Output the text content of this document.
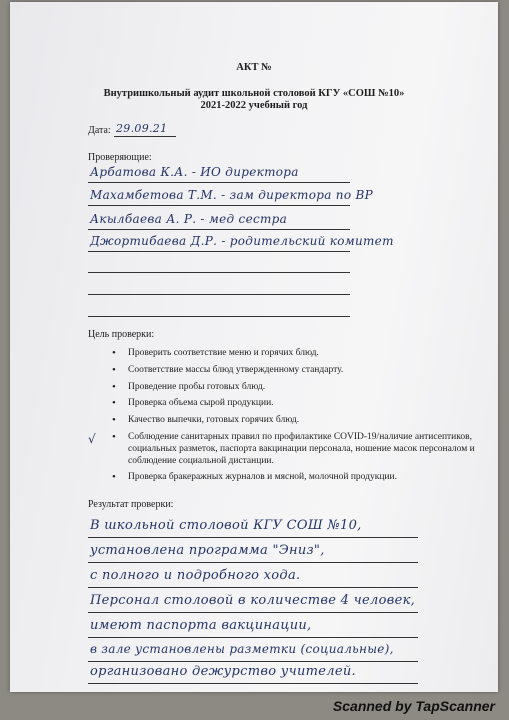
АКТ №
Внутришкольный аудит школьной столовой КГУ «СОШ №10»
2021-2022 учебный год
Дата: 29.09.21
Проверяющие:
Арбатова К.А. - ИО директора
Махамбетова Т.М. - зам директора по ВР
Акылбаева А. Р. - мед сестра
Джортибаева Д.Р. - родительский комитет
Цель проверки:
√
• Проверить соответствие меню и горячих блюд.
• Соответствие массы блюд утвержденному стандарту.
• Проведение пробы готовых блюд.
• Проверка объема сырой продукции.
• Качество выпечки, готовых горячих блюд.
• Соблюдение санитарных правил по профилактике COVID-19/наличие антисептиков, социальных разметок, паспорта вакцинации персонала, ношение масок персоналом и соблюдение социальной дистанции.
• Проверка бракеражных журналов и мясной, молочной продукции.
Результат проверки:
В школьной столовой КГУ СОШ №10,
установлена программа "Эниз",
с полного и подробного хода.
Персонал столовой в количестве 4 человек,
имеют паспорта вакцинации,
в зале установлены разметки (социальные),
организовано дежурство учителей.
Scanned by TapScanner
